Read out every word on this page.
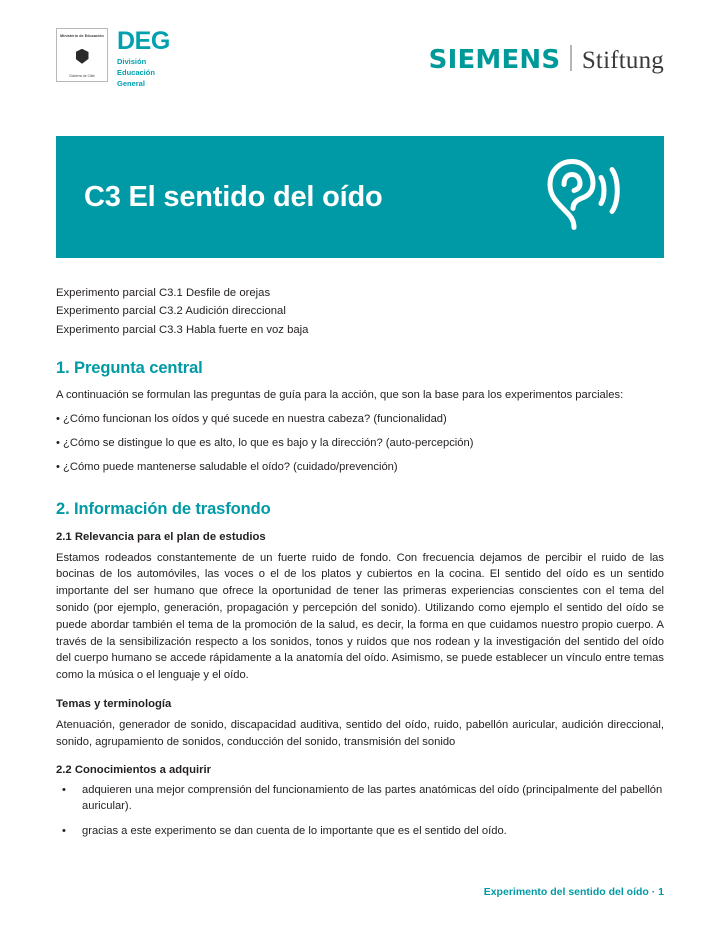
Ministerio de Educación
Gobierno de Chile
DEG
División
Educación
General
SIEMENS Stiftung
C3 El sentido del oído
Experimento parcial C3.1 Desfile de orejas
Experimento parcial C3.2 Audición direccional
Experimento parcial C3.3 Habla fuerte en voz baja
1. Pregunta central

A continuación se formulan las preguntas de guía para la acción, que son la base para los experimentos parciales:

• ¿Cómo funcionan los oídos y qué sucede en nuestra cabeza? (funcionalidad)

• ¿Cómo se distingue lo que es alto, lo que es bajo y la dirección? (auto-percepción)

• ¿Cómo puede mantenerse saludable el oído? (cuidado/prevención)

2. Información de trasfondo
2.1 Relevancia para el plan de estudios

Estamos rodeados constantemente de un fuerte ruido de fondo. Con frecuencia dejamos de percibir el ruido de las bocinas de los automóviles, las voces o el de los platos y cubiertos en la cocina. El sentido del oído es un sentido importante del ser humano que ofrece la oportunidad de tener las primeras experiencias conscientes con el tema del sonido (por ejemplo, generación, propagación y percepción del sonido). Utilizando como ejemplo el sentido del oído se puede abordar también el tema de la promoción de la salud, es decir, la forma en que cuidamos nuestro propio cuerpo. A través de la sensibilización respecto a los sonidos, tonos y ruidos que nos rodean y la investigación del sentido del oído del cuerpo humano se accede rápidamente a la anatomía del oído. Asimismo, se puede establecer un vínculo entre temas como la música o el lenguaje y el oído.

Temas y terminología

Atenuación, generador de sonido, discapacidad auditiva, sentido del oído, ruido, pabellón auricular, audición direccional, sonido, agrupamiento de sonidos, conducción del sonido, transmisión del sonido

2.2 Conocimientos a adquirir
•	adquieren una mejor comprensión del funcionamiento de las partes anatómicas del oído (principalmente del pabellón auricular).
•	gracias a este experimento se dan cuenta de lo importante que es el sentido del oído.
Experimento del sentido del oído · 1
